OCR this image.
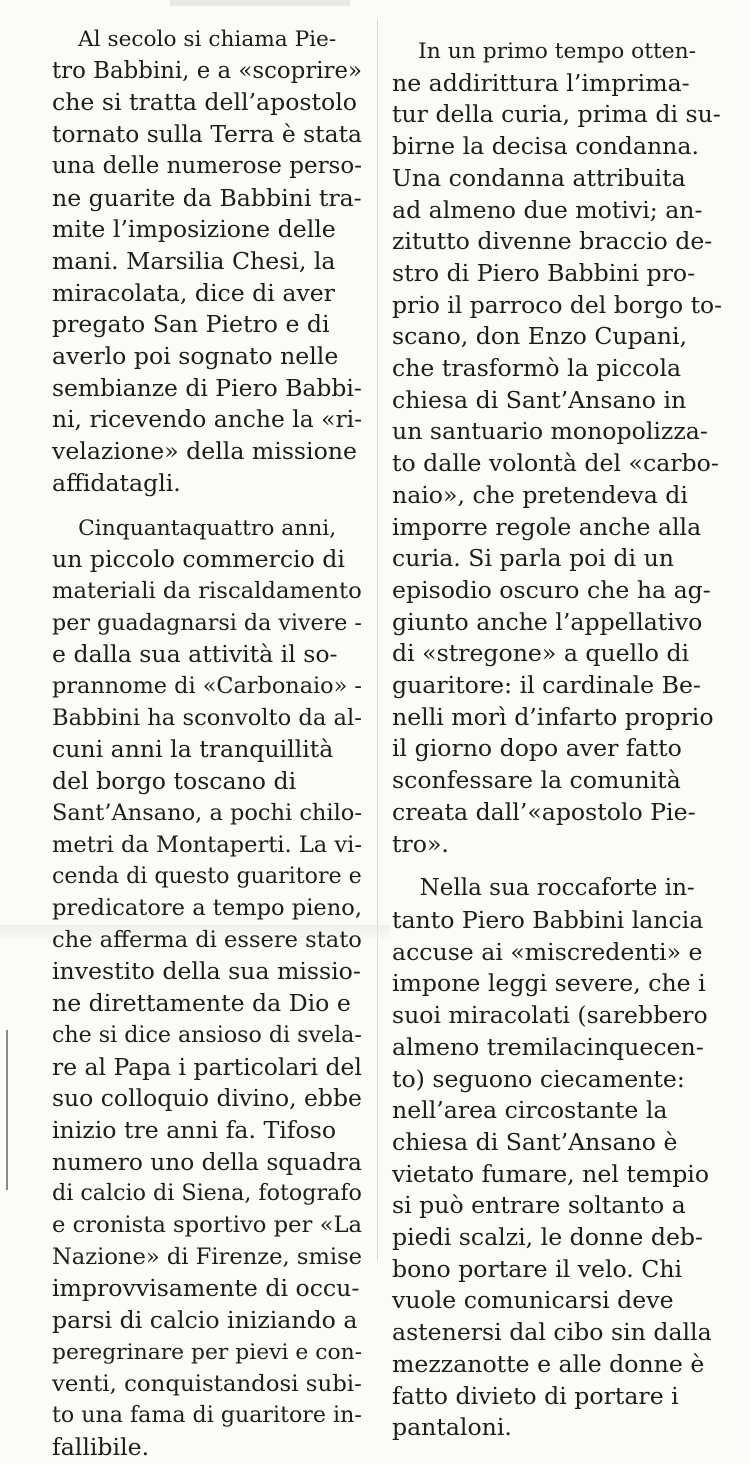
Al secolo si chiama Pie-
tro Babbini, e a «scoprire»
che si tratta dell’apostolo
tornato sulla Terra è stata
una delle numerose perso-
ne guarite da Babbini tra-
mite l’imposizione delle
mani. Marsilia Chesi, la
miracolata, dice di aver
pregato San Pietro e di
averlo poi sognato nelle
sembianze di Piero Babbi-
ni, ricevendo anche la «ri-
velazione» della missione
affidatagli.
Cinquantaquattro anni,
un piccolo commercio di
materiali da riscaldamento
per guadagnarsi da vivere -
e dalla sua attività il so-
prannome di «Carbonaio» -
Babbini ha sconvolto da al-
cuni anni la tranquillità
del borgo toscano di
Sant’Ansano, a pochi chilo-
metri da Montaperti. La vi-
cenda di questo guaritore e
predicatore a tempo pieno,
che afferma di essere stato
investito della sua missio-
ne direttamente da Dio e
che si dice ansioso di svela-
re al Papa i particolari del
suo colloquio divino, ebbe
inizio tre anni fa. Tifoso
numero uno della squadra
di calcio di Siena, fotografo
e cronista sportivo per «La
Nazione» di Firenze, smise
improvvisamente di occu-
parsi di calcio iniziando a
peregrinare per pievi e con-
venti, conquistandosi subi-
to una fama di guaritore in-
fallibile.
In un primo tempo otten-
ne addirittura l’imprima-
tur della curia, prima di su-
birne la decisa condanna.
Una condanna attribuita
ad almeno due motivi; an-
zitutto divenne braccio de-
stro di Piero Babbini pro-
prio il parroco del borgo to-
scano, don Enzo Cupani,
che trasformò la piccola
chiesa di Sant’Ansano in
un santuario monopolizza-
to dalle volontà del «carbo-
naio», che pretendeva di
imporre regole anche alla
curia. Si parla poi di un
episodio oscuro che ha ag-
giunto anche l’appellativo
di «stregone» a quello di
guaritore: il cardinale Be-
nelli morì d’infarto proprio
il giorno dopo aver fatto
sconfessare la comunità
creata dall’«apostolo Pie-
tro».
Nella sua roccaforte in-
tanto Piero Babbini lancia
accuse ai «miscredenti» e
impone leggi severe, che i
suoi miracolati (sarebbero
almeno tremilacinquecen-
to) seguono ciecamente:
nell’area circostante la
chiesa di Sant’Ansano è
vietato fumare, nel tempio
si può entrare soltanto a
piedi scalzi, le donne deb-
bono portare il velo. Chi
vuole comunicarsi deve
astenersi dal cibo sin dalla
mezzanotte e alle donne è
fatto divieto di portare i
pantaloni.
